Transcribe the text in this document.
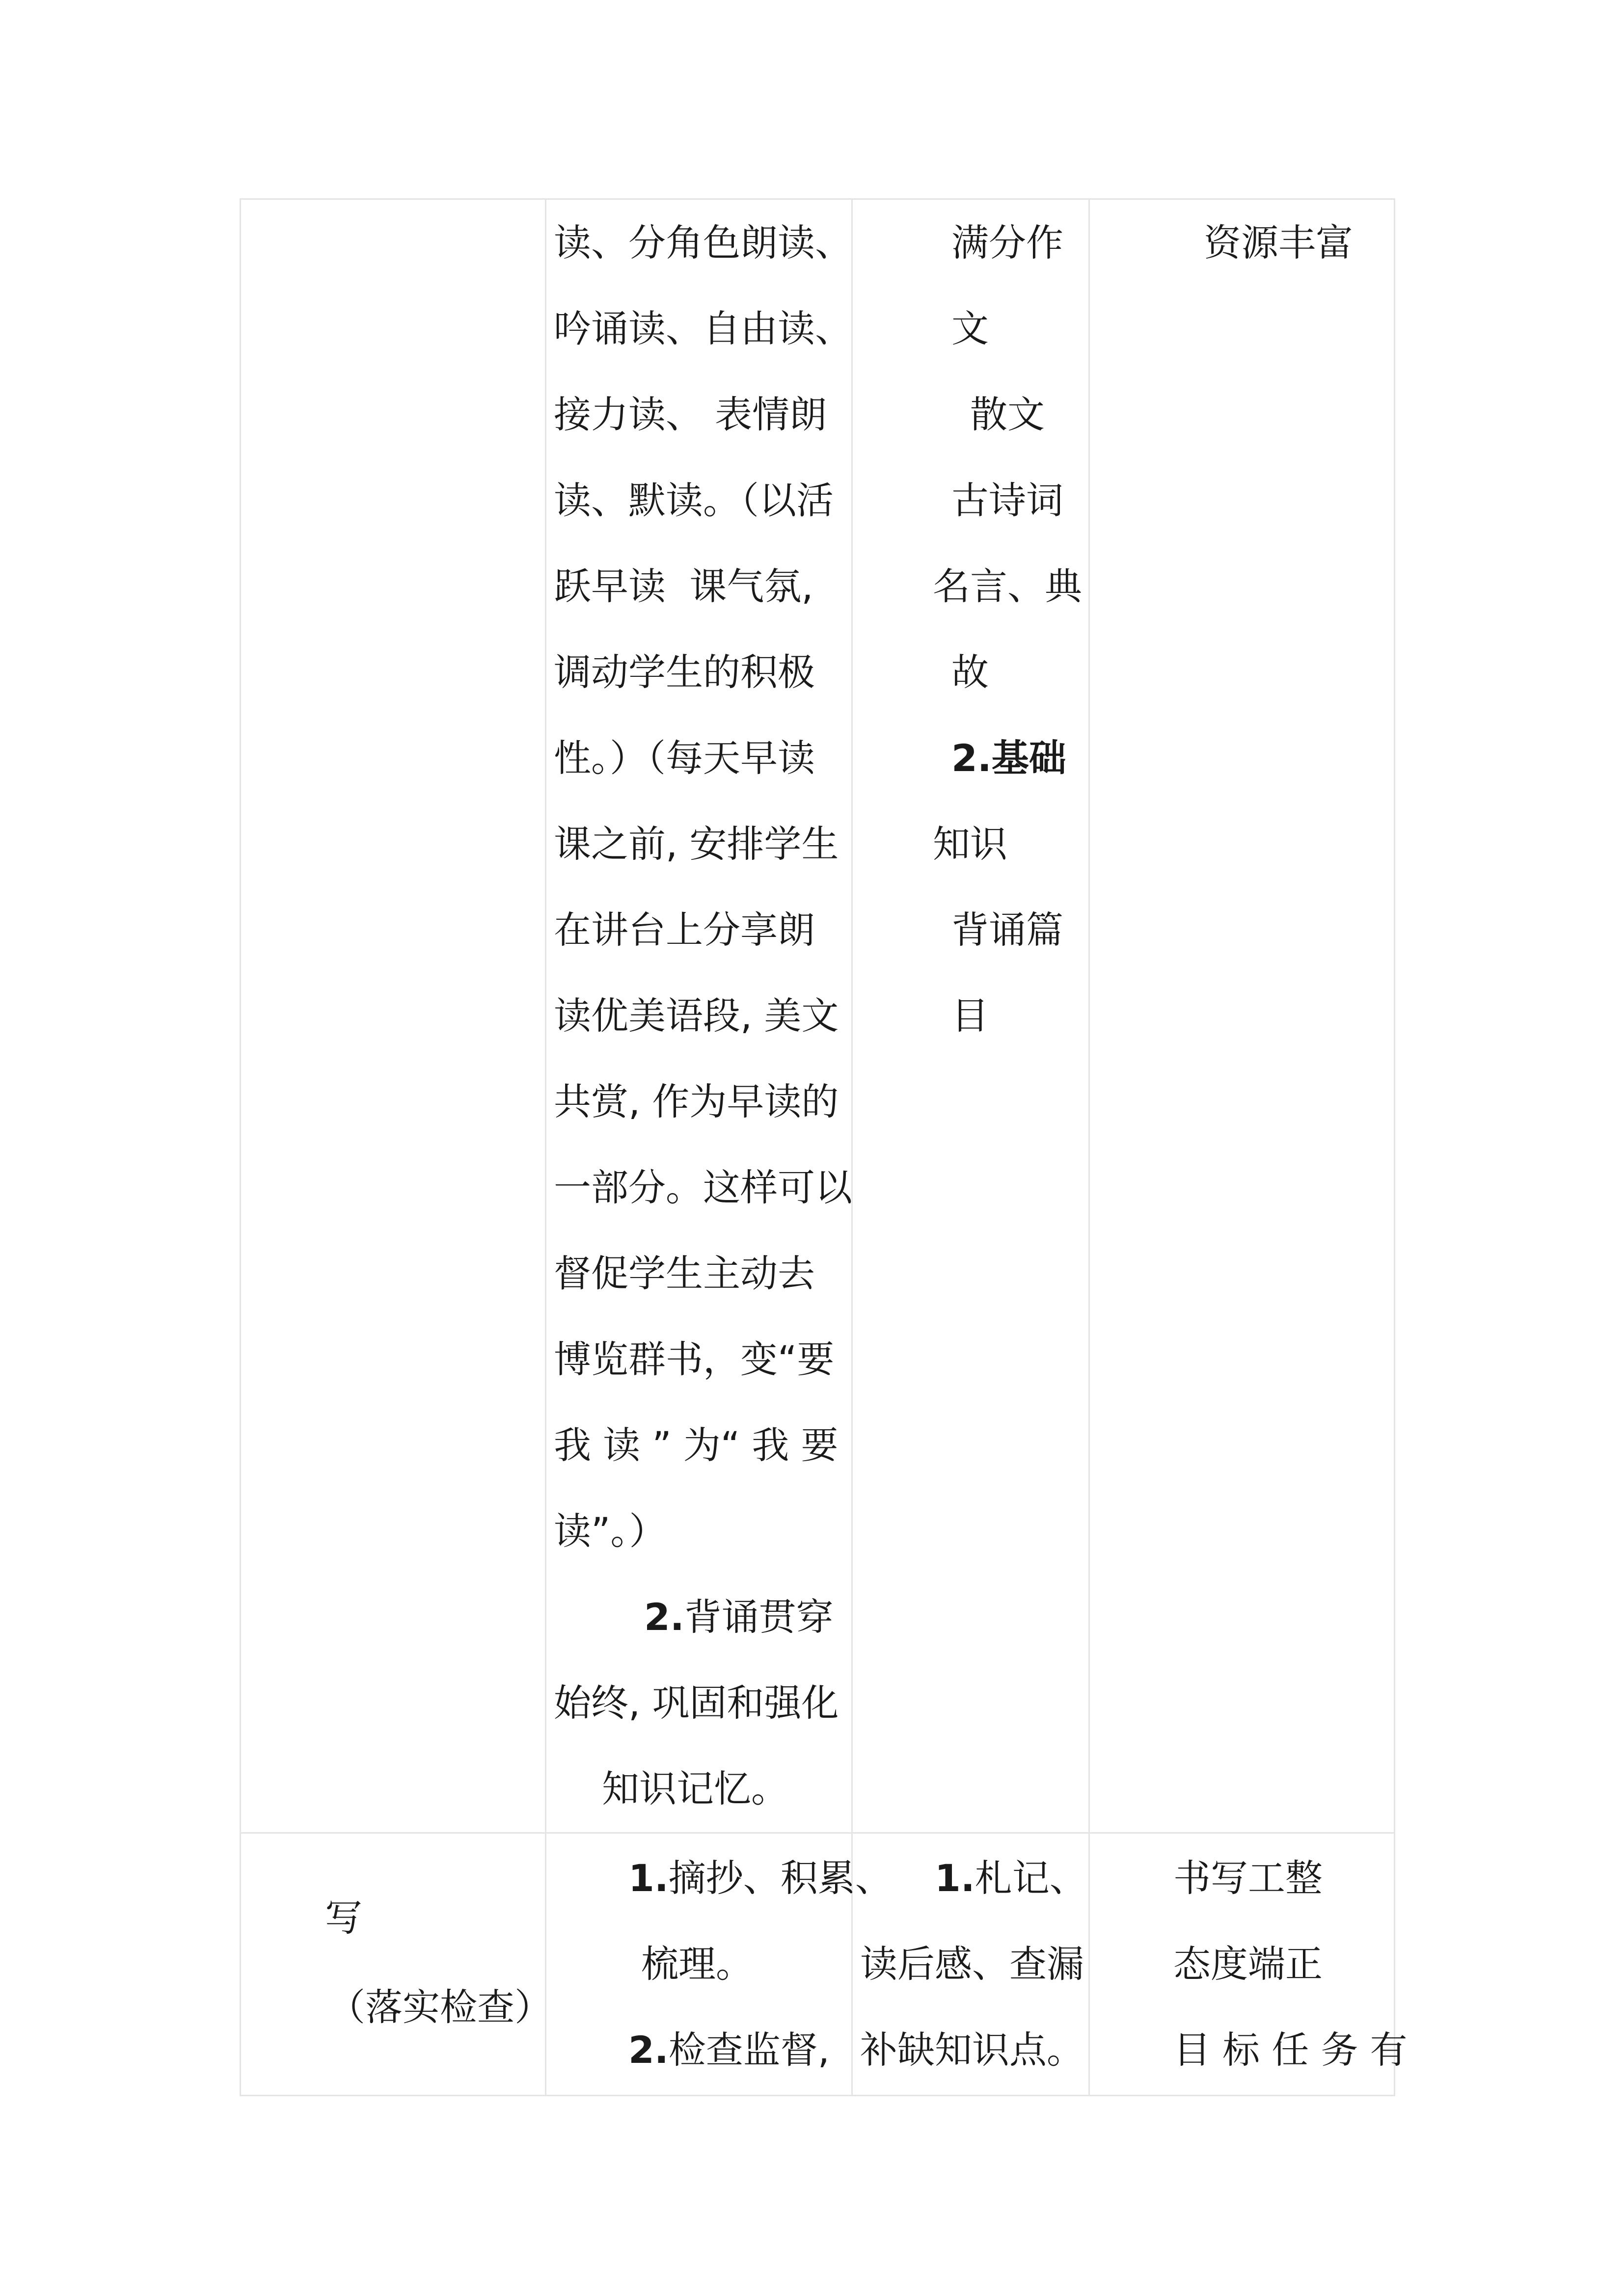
读、分角色朗读、
吟诵读、自由读、
接力读、 表情朗
读、默读。（以活
跃早读  课气氛,
调动学生的积极
性。）（每天早读
课之前, 安排学生
在讲台上分享朗
读优美语段, 美文
共赏, 作为早读的
一部分。这样可以
督促学生主动去
博览群书，变“要
我 读 ” 为“ 我 要
读”。）
2.背诵贯穿
始终, 巩固和强化
知识记忆。
满分作
文
散文
古诗词
名言、典
故
2.基础
知识
背诵篇
目
资源丰富
写
（落实检查）
1.摘抄、积累、
梳理。
2.检查监督,
1.札记、
读后感、查漏
补缺知识点。
书写工整
态度端正
目 标 任 务 有
